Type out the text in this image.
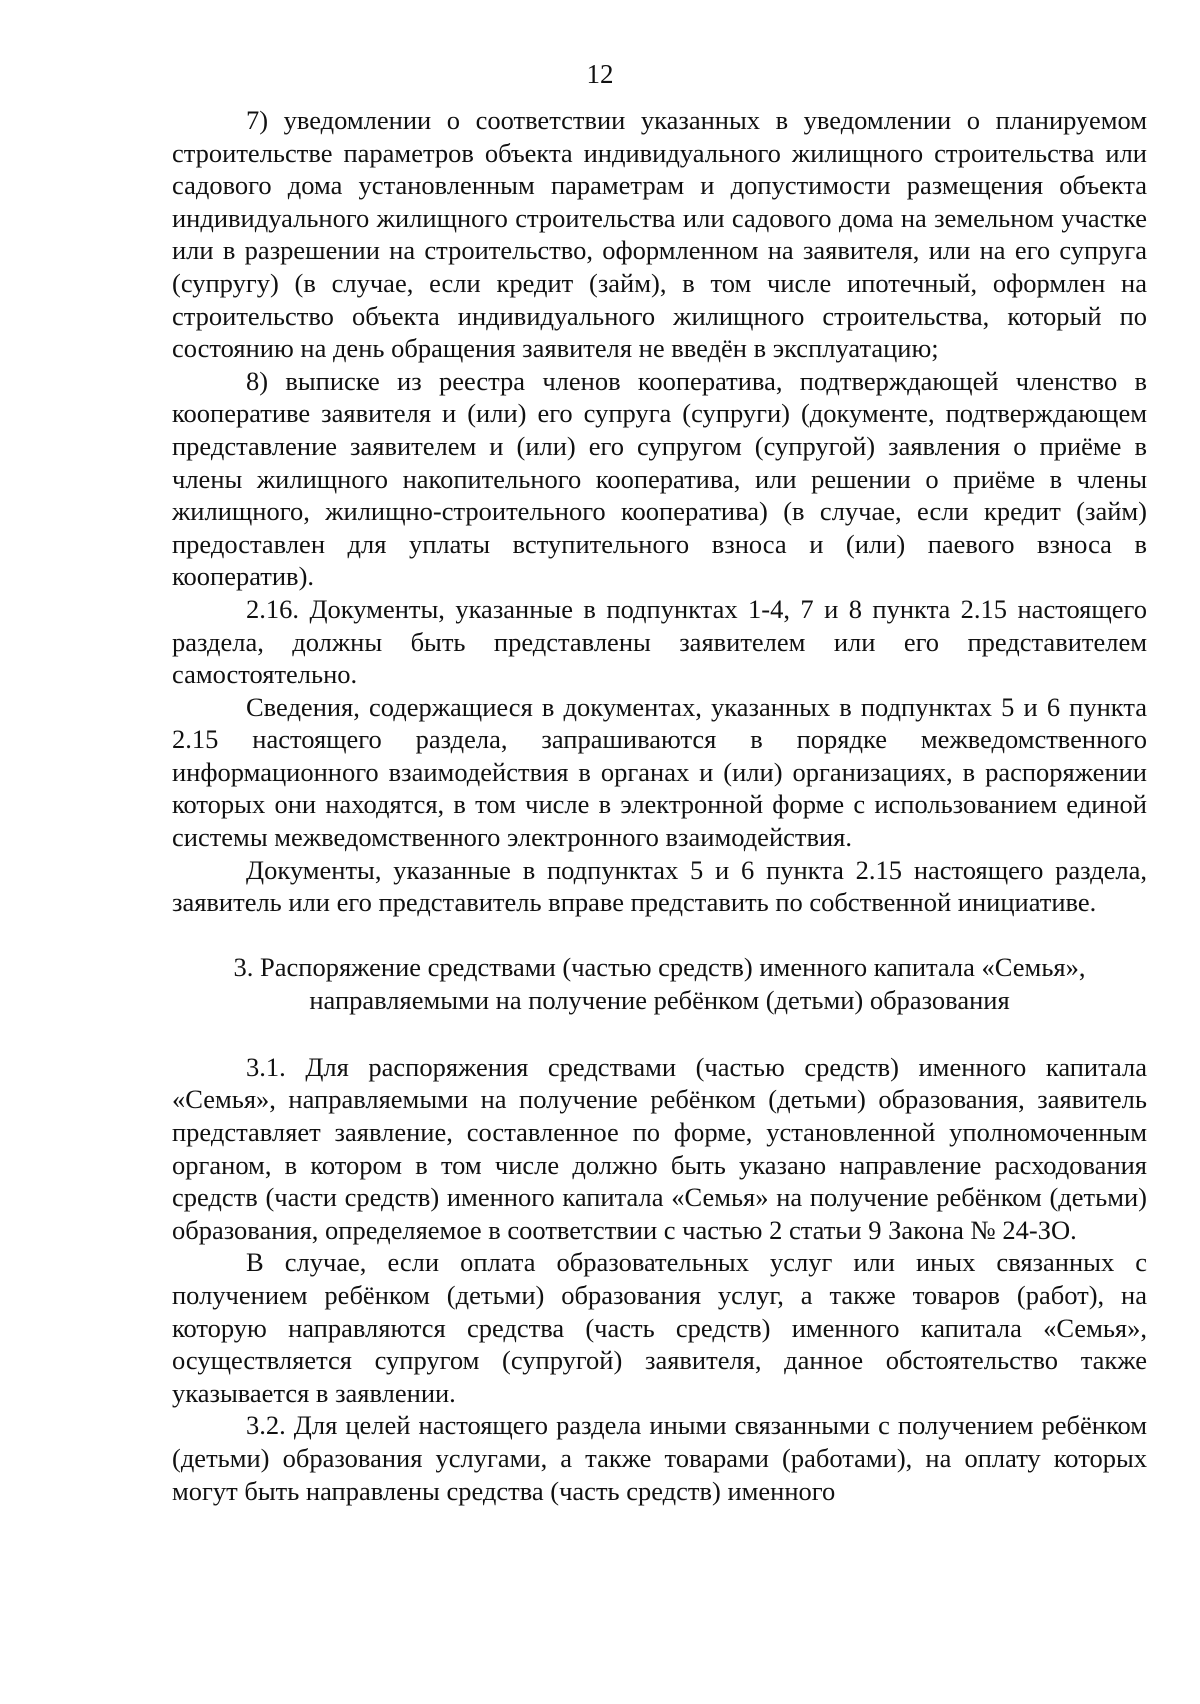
12

7) уведомлении о соответствии указанных в уведомлении о планируемом строительстве параметров объекта индивидуального жилищного строительства или садового дома установленным параметрам и допустимости размещения объекта индивидуального жилищного строительства или садового дома на земельном участке или в разрешении на строительство, оформленном на заявителя, или на его супруга (супругу) (в случае, если кредит (займ), в том числе ипотечный, оформлен на строительство объекта индивидуального жилищного строительства, который по состоянию на день обращения заявителя не введён в эксплуатацию;

8) выписке из реестра членов кооператива, подтверждающей членство в кооперативе заявителя и (или) его супруга (супруги) (документе, подтверждающем представление заявителем и (или) его супругом (супругой) заявления о приёме в члены жилищного накопительного кооператива, или решении о приёме в члены жилищного, жилищно-строительного кооператива) (в случае, если кредит (займ) предоставлен для уплаты вступительного взноса и (или) паевого взноса в кооператив).

2.16. Документы, указанные в подпунктах 1-4, 7 и 8 пункта 2.15 настоящего раздела, должны быть представлены заявителем или его представителем самостоятельно.

Сведения, содержащиеся в документах, указанных в подпунктах 5 и 6 пункта 2.15 настоящего раздела, запрашиваются в порядке межведомственного информационного взаимодействия в органах и (или) организациях, в распоряжении которых они находятся, в том числе в электронной форме с использованием единой системы межведомственного электронного взаимодействия.

Документы, указанные в подпунктах 5 и 6 пункта 2.15 настоящего раздела, заявитель или его представитель вправе представить по собственной инициативе.

3. Распоряжение средствами (частью средств) именного капитала «Семья»,
направляемыми на получение ребёнком (детьми) образования

3.1. Для распоряжения средствами (частью средств) именного капитала «Семья», направляемыми на получение ребёнком (детьми) образования, заявитель представляет заявление, составленное по форме, установленной уполномоченным органом, в котором в том числе должно быть указано направление расходования средств (части средств) именного капитала «Семья» на получение ребёнком (детьми) образования, определяемое в соответствии с частью 2 статьи 9 Закона № 24-ЗО.

В случае, если оплата образовательных услуг или иных связанных с получением ребёнком (детьми) образования услуг, а также товаров (работ), на которую направляются средства (часть средств) именного капитала «Семья», осуществляется супругом (супругой) заявителя, данное обстоятельство также указывается в заявлении.

3.2. Для целей настоящего раздела иными связанными с получением ребёнком (детьми) образования услугами, а также товарами (работами), на оплату которых могут быть направлены средства (часть средств) именного
